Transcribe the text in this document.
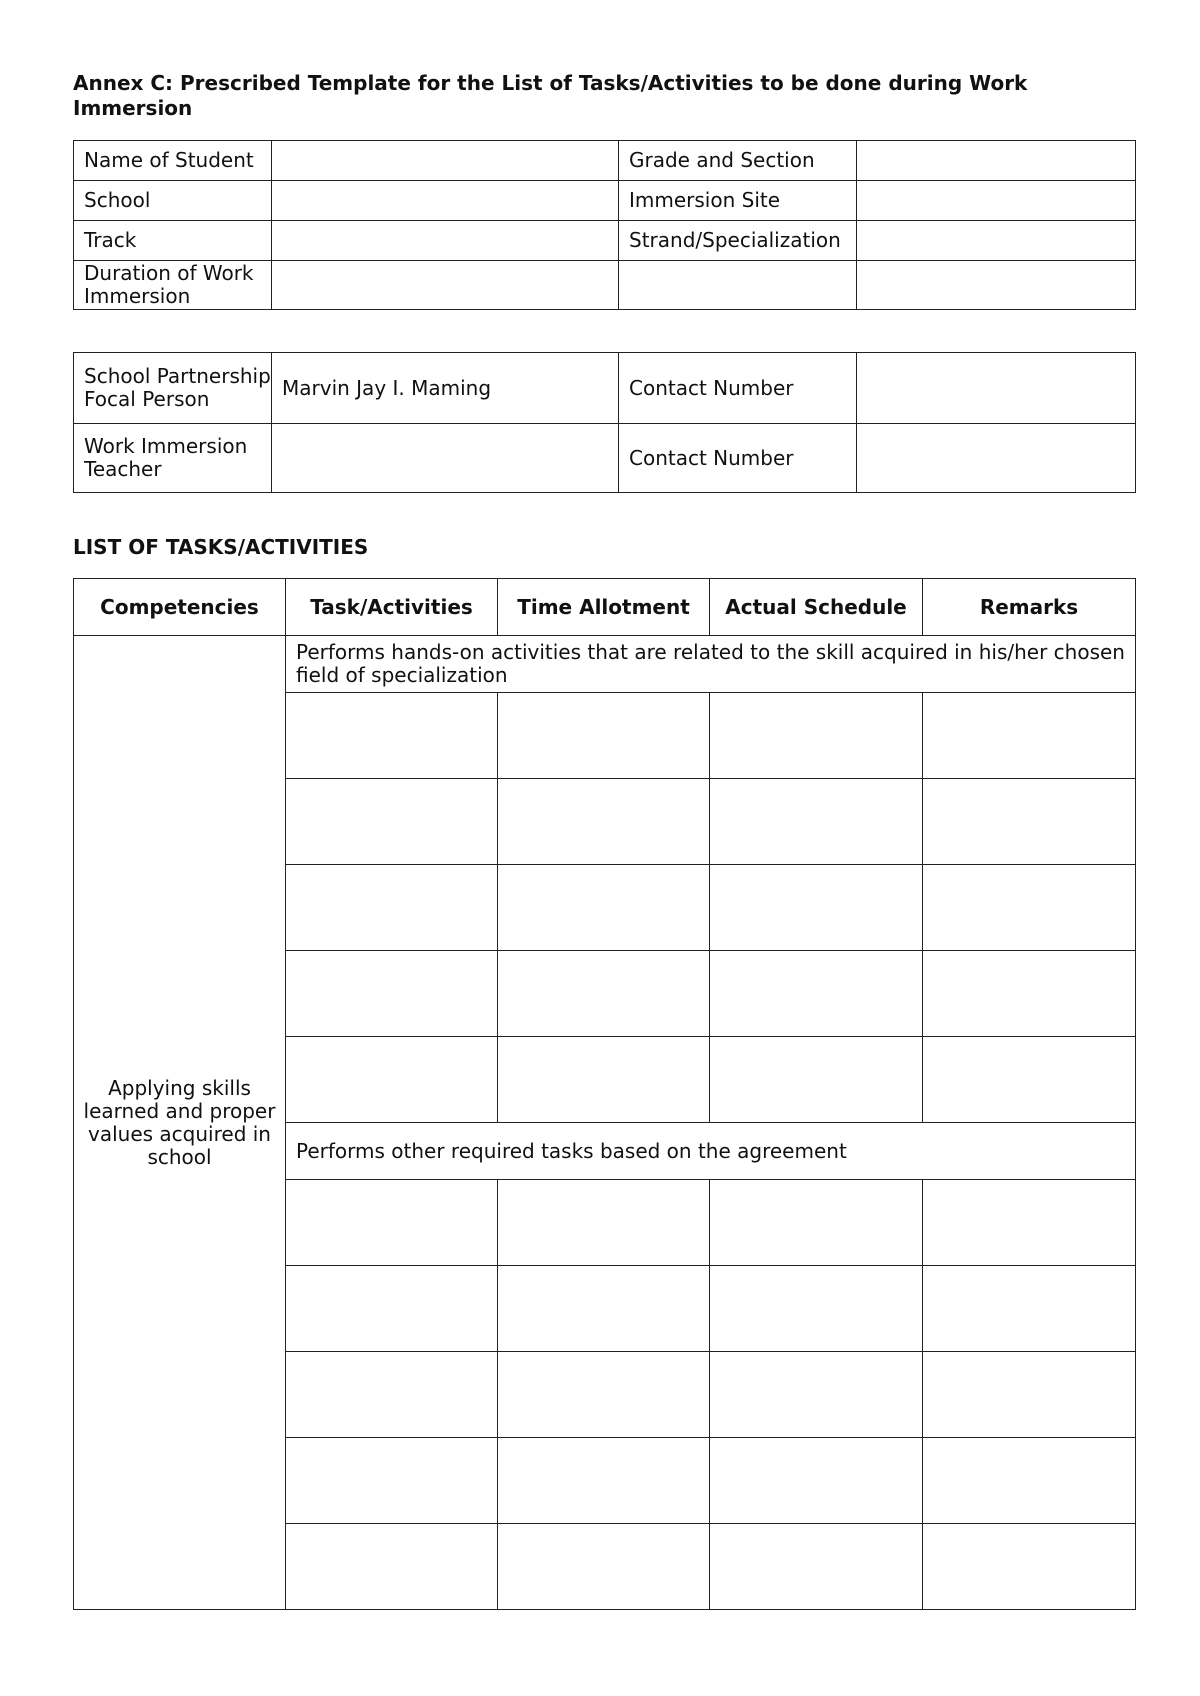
Annex C: Prescribed Template for the List of Tasks/Activities to be done during Work Immersion
Name of Student		Grade and Section	
School		Immersion Site	
Track		Strand/Specialization	
Duration of Work Immersion			
School Partnership Focal Person	Marvin Jay I. Maming	Contact Number	
Work Immersion Teacher		Contact Number	
LIST OF TASKS/ACTIVITIES
Competencies	Task/Activities	Time Allotment	Actual Schedule	Remarks
Applying skills learned and proper values acquired in school	Performs hands-on activities that are related to the skill acquired in his/her chosen field of specialization			

	Performs other required tasks based on the agreement			
